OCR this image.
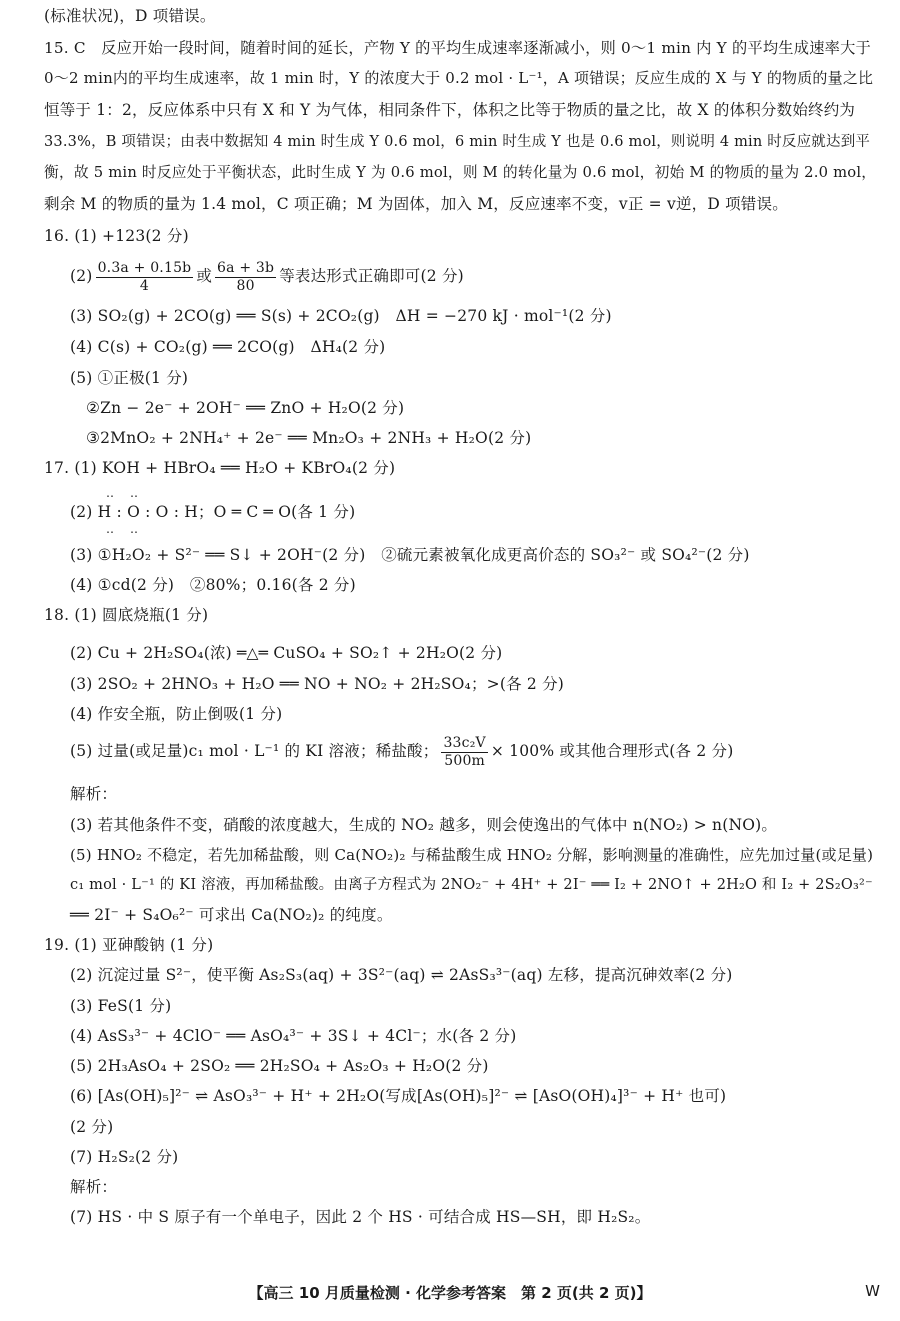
(标准状况)，D 项错误。
15. C　反应开始一段时间，随着时间的延长，产物 Y 的平均生成速率逐渐减小，则 0～1 min 内 Y 的平均生成速率大于
0～2 min内的平均生成速率，故 1 min 时，Y 的浓度大于 0.2 mol · L⁻¹，A 项错误；反应生成的 X 与 Y 的物质的量之比
恒等于 1：2，反应体系中只有 X 和 Y 为气体，相同条件下，体积之比等于物质的量之比，故 X 的体积分数始终约为
33.3%，B 项错误；由表中数据知 4 min 时生成 Y 0.6 mol，6 min 时生成 Y 也是 0.6 mol，则说明 4 min 时反应就达到平
衡，故 5 min 时反应处于平衡状态，此时生成 Y 为 0.6 mol，则 M 的转化量为 0.6 mol，初始 M 的物质的量为 2.0 mol，
剩余 M 的物质的量为 1.4 mol，C 项正确；M 为固体，加入 M，反应速率不变，v正 = v逆，D 项错误。
16. (1) +123(2 分)
$(2) \frac{0.3a + 0.15b}{4}$ 或 $\frac{6a + 3b}{80}$ 等表达形式正确即可(2 分)
(3) SO₂(g) + 2CO(g) ══ S(s) + 2CO₂(g)　ΔH = −270 kJ · mol⁻¹(2 分)
(4) C(s) + CO₂(g) ══ 2CO(g)　ΔH₄(2 分)
(5) ①正极(1 分)
②Zn − 2e⁻ + 2OH⁻ ══ ZnO + H₂O(2 分)
③2MnO₂ + 2NH₄⁺ + 2e⁻ ══ Mn₂O₃ + 2NH₃ + H₂O(2 分)
17. (1) KOH + HBrO₄ ══ H₂O + KBrO₄(2 分)
‥　‥
(2) H : O : O : H；O ═ C ═ O(各 1 分)
‥　‥
(3) ①H₂O₂ + S²⁻ ══ S↓ + 2OH⁻(2 分)　②硫元素被氧化成更高价态的 SO₃²⁻ 或 SO₄²⁻(2 分)
(4) ①cd(2 分)　②80%；0.16(各 2 分)
18. (1) 圆底烧瓶(1 分)
(2) Cu + 2H₂SO₄(浓) ═△═ CuSO₄ + SO₂↑ + 2H₂O(2 分)
(3) 2SO₂ + 2HNO₃ + H₂O ══ NO + NO₂ + 2H₂SO₄；>(各 2 分)
(4) 作安全瓶，防止倒吸(1 分)
(5) 过量(或足量)c₁ mol · L⁻¹ 的 KI 溶液；稀盐酸； $\frac{\text{33c₂V}}{500m} \times 100\%$ 或其他合理形式(各 2 分)
解析：
(3) 若其他条件不变，硝酸的浓度越大，生成的 NO₂ 越多，则会使逸出的气体中 n(NO₂) > n(NO)。
(5) HNO₂ 不稳定，若先加稀盐酸，则 Ca(NO₂)₂ 与稀盐酸生成 HNO₂ 分解，影响测量的准确性，应先加过量(或足量)
c₁ mol · L⁻¹ 的 KI 溶液，再加稀盐酸。由离子方程式为 2NO₂⁻ + 4H⁺ + 2I⁻ ══ I₂ + 2NO↑ + 2H₂O 和 I₂ + 2S₂O₃²⁻
══ 2I⁻ + S₄O₆²⁻ 可求出 Ca(NO₂)₂ 的纯度。
19. (1) 亚砷酸钠 (1 分)
(2) 沉淀过量 S²⁻，使平衡 As₂S₃(aq) + 3S²⁻(aq) ⇌ 2AsS₃³⁻(aq) 左移，提高沉砷效率(2 分)
(3) FeS(1 分)
(4) AsS₃³⁻ + 4ClO⁻ ══ AsO₄³⁻ + 3S↓ + 4Cl⁻；水(各 2 分)
(5) 2H₃AsO₄ + 2SO₂ ══ 2H₂SO₄ + As₂O₃ + H₂O(2 分)
(6) [As(OH)₅]²⁻ ⇌ AsO₃³⁻ + H⁺ + 2H₂O(写成[As(OH)₅]²⁻ ⇌ [AsO(OH)₄]³⁻ + H⁺ 也可)
(2 分)
(7) H₂S₂(2 分)
解析：
(7) HS · 中 S 原子有一个单电子，因此 2 个 HS · 可结合成 HS—SH，即 H₂S₂。
【高三 10 月质量检测 · 化学参考答案　第 2 页(共 2 页)】	W
